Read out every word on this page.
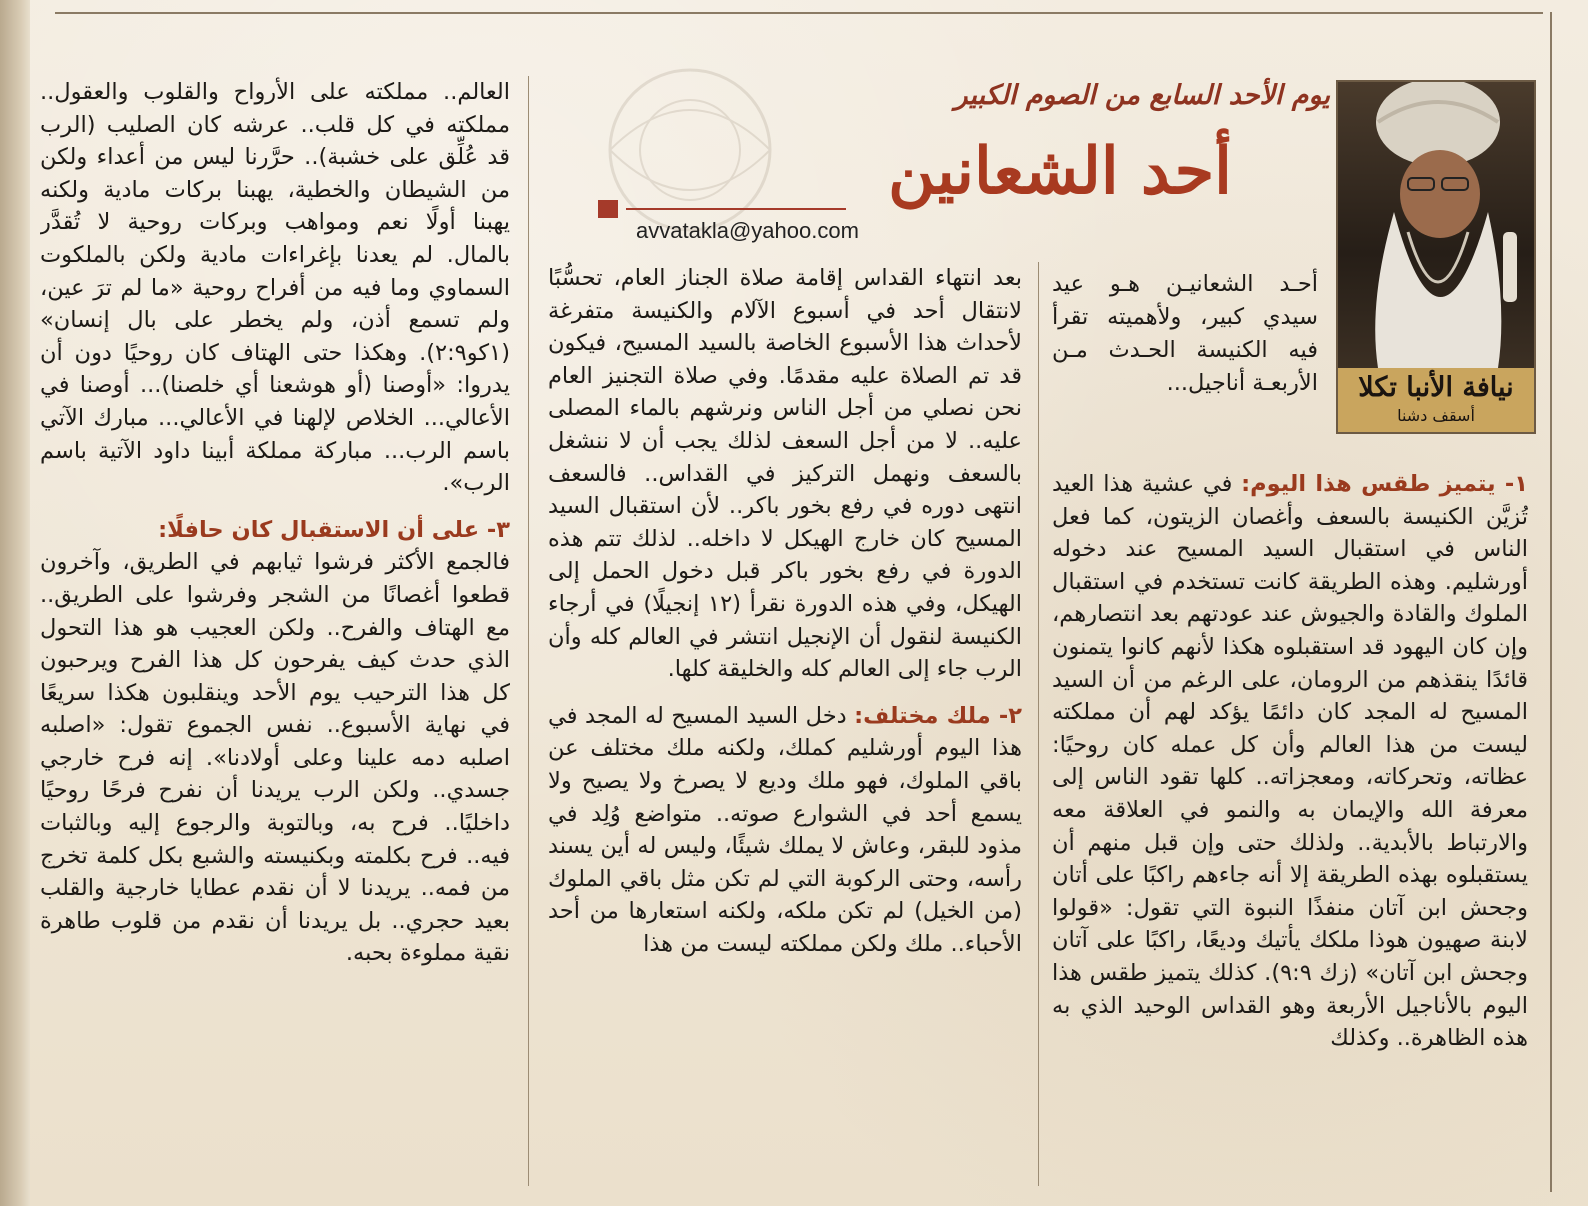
نيافة الأنبا تكلا
أسقف دشنا
يوم الأحد السابع من الصوم الكبير
أحد الشعانين
avvatakla@yahoo.com
أحـد الشعانيـن هـو عيد سيدي كبير، ولأهميته تقرأ فيه الكنيسة الحـدث مـن الأربعـة أناجيل...

١- يتميز طقس هذا اليوم: في عشية هذا العيد تُزيَّن الكنيسة بالسعف وأغصان الزيتون، كما فعل الناس في استقبال السيد المسيح عند دخوله أورشليم. وهذه الطريقة كانت تستخدم في استقبال الملوك والقادة والجيوش عند عودتهم بعد انتصارهم، وإن كان اليهود قد استقبلوه هكذا لأنهم كانوا يتمنون قائدًا ينقذهم من الرومان، على الرغم من أن السيد المسيح له المجد كان دائمًا يؤكد لهم أن مملكته ليست من هذا العالم وأن كل عمله كان روحيًا: عظاته، وتحركاته، ومعجزاته.. كلها تقود الناس إلى معرفة الله والإيمان به والنمو في العلاقة معه والارتباط بالأبدية.. ولذلك حتى وإن قبل منهم أن يستقبلوه بهذه الطريقة إلا أنه جاءهم راكبًا على أتان وجحش ابن آتان منفذًا النبوة التي تقول: «قولوا لابنة صهيون هوذا ملكك يأتيك وديعًا، راكبًا على آتان وجحش ابن آتان» (زك ٩:٩). كذلك يتميز طقس هذا اليوم بالأناجيل الأربعة وهو القداس الوحيد الذي به هذه الظاهرة.. وكذلك

بعد انتهاء القداس إقامة صلاة الجناز العام، تحسُّبًا لانتقال أحد في أسبوع الآلام والكنيسة متفرغة لأحداث هذا الأسبوع الخاصة بالسيد المسيح، فيكون قد تم الصلاة عليه مقدمًا. وفي صلاة التجنيز العام نحن نصلي من أجل الناس ونرشهم بالماء المصلى عليه.. لا من أجل السعف لذلك يجب أن لا ننشغل بالسعف ونهمل التركيز في القداس.. فالسعف انتهى دوره في رفع بخور باكر.. لأن استقبال السيد المسيح كان خارج الهيكل لا داخله.. لذلك تتم هذه الدورة في رفع بخور باكر قبل دخول الحمل إلى الهيكل، وفي هذه الدورة نقرأ (١٢ إنجيلًا) في أرجاء الكنيسة لنقول أن الإنجيل انتشر في العالم كله وأن الرب جاء إلى العالم كله والخليقة كلها.

٢- ملك مختلف: دخل السيد المسيح له المجد في هذا اليوم أورشليم كملك، ولكنه ملك مختلف عن باقي الملوك، فهو ملك وديع لا يصرخ ولا يصيح ولا يسمع أحد في الشوارع صوته.. متواضع وُلِد في مذود للبقر، وعاش لا يملك شيئًا، وليس له أين يسند رأسه، وحتى الركوبة التي لم تكن مثل باقي الملوك (من الخيل) لم تكن ملكه، ولكنه استعارها من أحد الأحباء.. ملك ولكن مملكته ليست من هذا

العالم.. مملكته على الأرواح والقلوب والعقول.. مملكته في كل قلب.. عرشه كان الصليب (الرب قد عُلِّق على خشبة).. حرَّرنا ليس من أعداء ولكن من الشيطان والخطية، يهبنا بركات مادية ولكنه يهبنا أولًا نعم ومواهب وبركات روحية لا تُقدَّر بالمال. لم يعدنا بإغراءات مادية ولكن بالملكوت السماوي وما فيه من أفراح روحية «ما لم ترَ عين، ولم تسمع أذن، ولم يخطر على بال إنسان» (١كو٢:٩). وهكذا حتى الهتاف كان روحيًا دون أن يدروا: «أوصنا (أو هوشعنا أي خلصنا)... أوصنا في الأعالي... الخلاص لإلهنا في الأعالي... مبارك الآتي باسم الرب... مباركة مملكة أبينا داود الآتية باسم الرب».

٣- على أن الاستقبال كان حافلًا:

فالجمع الأكثر فرشوا ثيابهم في الطريق، وآخرون قطعوا أغصانًا من الشجر وفرشوا على الطريق.. مع الهتاف والفرح.. ولكن العجيب هو هذا التحول الذي حدث كيف يفرحون كل هذا الفرح ويرحبون كل هذا الترحيب يوم الأحد وينقلبون هكذا سريعًا في نهاية الأسبوع.. نفس الجموع تقول: «اصلبه اصلبه دمه علينا وعلى أولادنا». إنه فرح خارجي جسدي.. ولكن الرب يريدنا أن نفرح فرحًا روحيًا داخليًا.. فرح به، وبالتوبة والرجوع إليه وبالثبات فيه.. فرح بكلمته وبكنيسته والشبع بكل كلمة تخرج من فمه.. يريدنا لا أن نقدم عطايا خارجية والقلب بعيد حجري.. بل يريدنا أن نقدم من قلوب طاهرة نقية مملوءة بحبه.
